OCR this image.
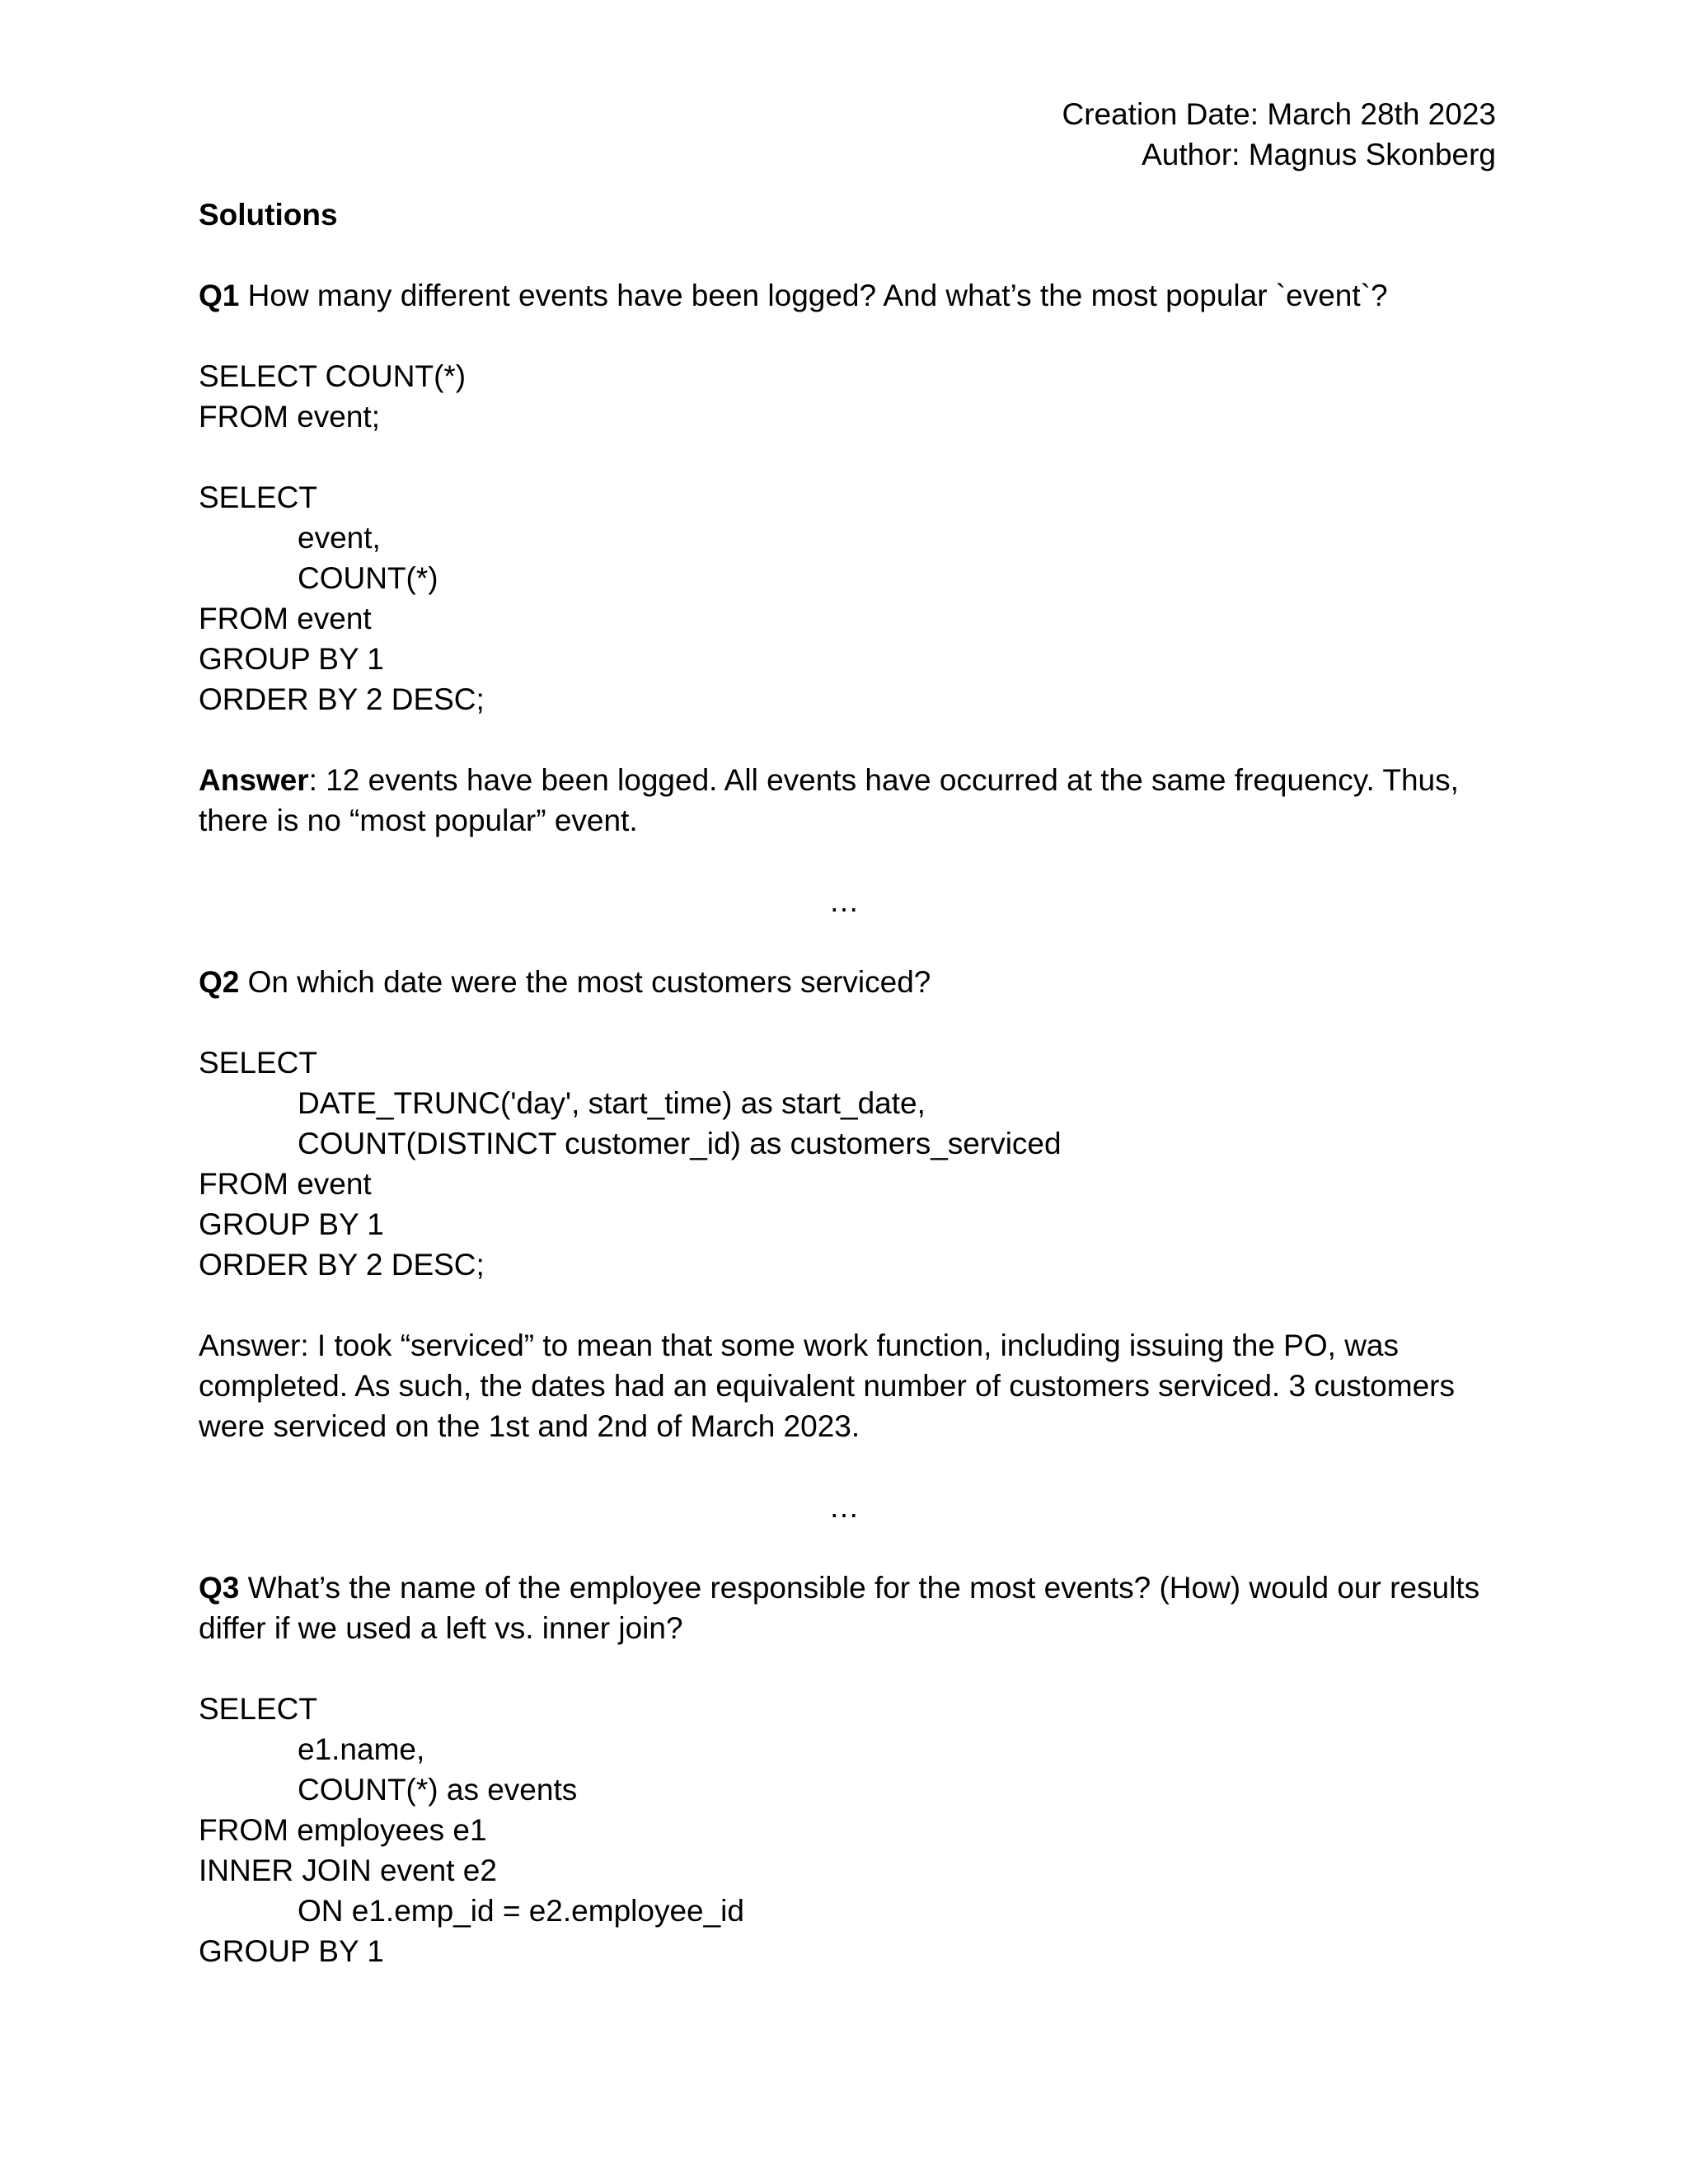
Creation Date: March 28th 2023
Author: Magnus Skonberg
Solutions
Q1 How many different events have been logged? And what’s the most popular `event`?
SELECT COUNT(*)
FROM event;
SELECT
event,
COUNT(*)
FROM event
GROUP BY 1
ORDER BY 2 DESC;
Answer: 12 events have been logged. All events have occurred at the same frequency. Thus, there is no “most popular” event.
…
Q2 On which date were the most customers serviced?
SELECT
DATE_TRUNC('day', start_time) as start_date,
COUNT(DISTINCT customer_id) as customers_serviced
FROM event
GROUP BY 1
ORDER BY 2 DESC;
Answer: I took “serviced” to mean that some work function, including issuing the PO, was completed. As such, the dates had an equivalent number of customers serviced. 3 customers were serviced on the 1st and 2nd of March 2023.
…
Q3 What’s the name of the employee responsible for the most events? (How) would our results differ if we used a left vs. inner join?
SELECT
e1.name,
COUNT(*) as events
FROM employees e1
INNER JOIN event e2
ON e1.emp_id = e2.employee_id
GROUP BY 1
